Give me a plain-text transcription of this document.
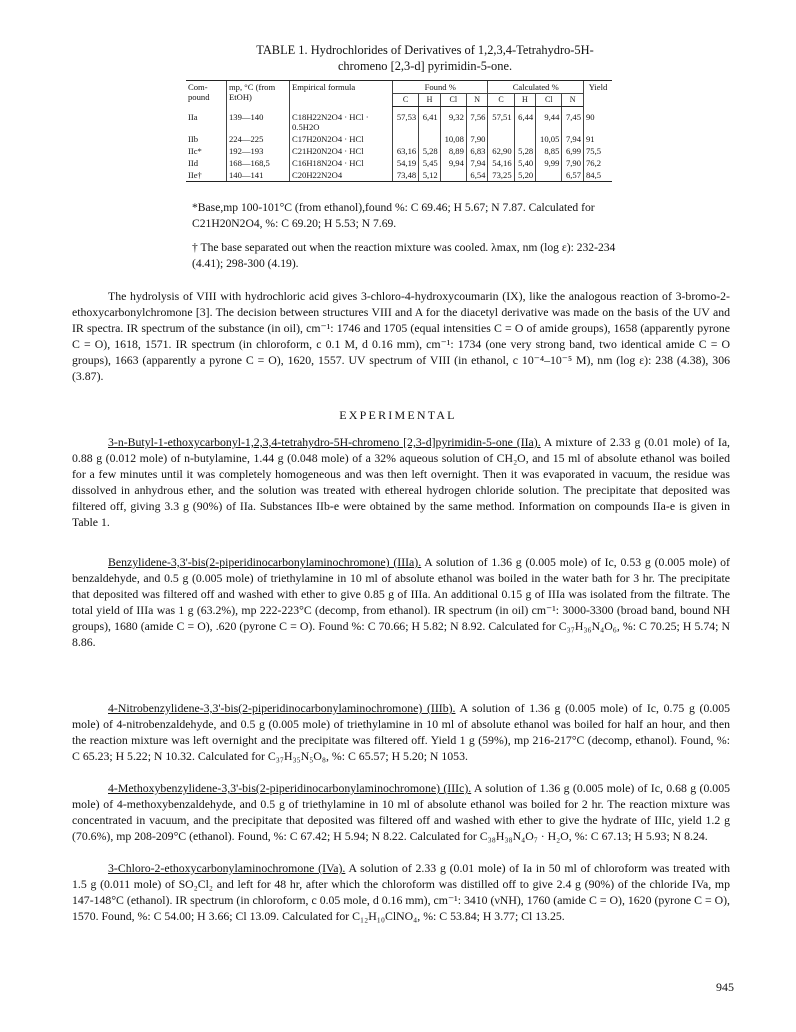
TABLE 1. Hydrochlorides of Derivatives of 1,2,3,4-Tetrahydro-5H-
chromeno [2,3-d] pyrimidin-5-one.
Com-pound	mp, °C (from EtOH)	Empirical formula	Found %				Calculated %				Yield
			C	H	Cl	N	C	H	Cl	N	
IIa	139—140	C18H22N2O4 · HCl · 0.5H2O	57,53	6,41	9,32	7,56	57,51	6,44	9,44	7,45	90
IIb	224—225	C17H20N2O4 · HCl			10,08	7,90			10,05	7,94	91
IIc*	192—193	C21H20N2O4 · HCl	63,16	5,28	8,89	6,83	62,90	5,28	8,85	6,99	75,5
IId	168—168,5	C16H18N2O4 · HCl	54,19	5,45	9,94	7,94	54,16	5,40	9,99	7,90	76,2
IIe†	140—141	C20H22N2O4	73,48	5,12		6,54	73,25	5,20		6,57	84,5
*Base,mp 100-101°C (from ethanol),found %: C 69.46; H 5.67; N 7.87. Calculated for C21H20N2O4, %: C 69.20; H 5.53; N 7.69.
† The base separated out when the reaction mixture was cooled. λmax, nm (log ε): 232-234 (4.41); 298-300 (4.19).
The hydrolysis of VIII with hydrochloric acid gives 3-chloro-4-hydroxycoumarin (IX), like the analogous reaction of 3-bromo-2-ethoxycarbonylchromone [3]. The decision between structures VIII and A for the diacetyl derivative was made on the basis of the UV and IR spectra. IR spectrum of the substance (in oil), cm⁻¹: 1746 and 1705 (equal intensities C = O of amide groups), 1658 (apparently pyrone C = O), 1618, 1571. IR spectrum (in chloroform, c 0.1 M, d 0.16 mm), cm⁻¹: 1734 (one very strong band, two identical amide C = O groups), 1663 (apparently a pyrone C = O), 1620, 1557. UV spectrum of VIII (in ethanol, c 10⁻⁴–10⁻⁵ M), nm (log ε): 238 (4.38), 306 (3.87).
EXPERIMENTAL
3-n-Butyl-1-ethoxycarbonyl-1,2,3,4-tetrahydro-5H-chromeno [2,3-d]pyrimidin-5-one (IIa). A mixture of 2.33 g (0.01 mole) of Ia, 0.88 g (0.012 mole) of n-butylamine, 1.44 g (0.048 mole) of a 32% aqueous solution of CH₂O, and 15 ml of absolute ethanol was boiled for a few minutes until it was completely homogeneous and was then left overnight. Then it was evaporated in vacuum, the residue was dissolved in anhydrous ether, and the solution was treated with ethereal hydrogen chloride solution. The precipitate that deposited was filtered off, giving 3.3 g (90%) of IIa. Substances IIb-e were obtained by the same method. Information on compounds IIa-e is given in Table 1.
Benzylidene-3,3'-bis(2-piperidinocarbonylaminochromone) (IIIa). A solution of 1.36 g (0.005 mole) of Ic, 0.53 g (0.005 mole) of benzaldehyde, and 0.5 g (0.005 mole) of triethylamine in 10 ml of absolute ethanol was boiled in the water bath for 3 hr. The precipitate that deposited was filtered off and washed with ether to give 0.85 g of IIIa. An additional 0.15 g of IIIa was isolated from the filtrate. The total yield of IIIa was 1 g (63.2%), mp 222-223°C (decomp, from ethanol). IR spectrum (in oil) cm⁻¹: 3000-3300 (broad band, bound NH groups), 1680 (amide C = O), .620 (pyrone C = O). Found %: C 70.66; H 5.82; N 8.92. Calculated for C₃₇H₃₆N₄O₆, %: C 70.25; H 5.74; N 8.86.
4-Nitrobenzylidene-3,3'-bis(2-piperidinocarbonylaminochromone) (IIIb). A solution of 1.36 g (0.005 mole) of Ic, 0.75 g (0.005 mole) of 4-nitrobenzaldehyde, and 0.5 g (0.005 mole) of triethylamine in 10 ml of absolute ethanol was boiled for half an hour, and then the reaction mixture was left overnight and the precipitate was filtered off. Yield 1 g (59%), mp 216-217°C (decomp, ethanol). Found, %: C 65.23; H 5.22; N 10.32. Calculated for C₃₇H₃₅N₅O₈, %: C 65.57; H 5.20; N 1053.
4-Methoxybenzylidene-3,3'-bis(2-piperidinocarbonylaminochromone) (IIIc). A solution of 1.36 g (0.005 mole) of Ic, 0.68 g (0.005 mole) of 4-methoxybenzaldehyde, and 0.5 g of triethylamine in 10 ml of absolute ethanol was boiled for 2 hr. The reaction mixture was concentrated in vacuum, and the precipitate that deposited was filtered off and washed with ether to give the hydrate of IIIc, yield 1.2 g (70.6%), mp 208-209°C (ethanol). Found, %: C 67.42; H 5.94; N 8.22. Calculated for C₃₈H₃₈N₄O₇ · H₂O, %: C 67.13; H 5.93; N 8.24.
3-Chloro-2-ethoxycarbonylaminochromone (IVa). A solution of 2.33 g (0.01 mole) of Ia in 50 ml of chloroform was treated with 1.5 g (0.011 mole) of SO₂Cl₂ and left for 48 hr, after which the chloroform was distilled off to give 2.4 g (90%) of the chloride IVa, mp 147-148°C (ethanol). IR spectrum (in chloroform, c 0.05 mole, d 0.16 mm), cm⁻¹: 3410 (νNH), 1760 (amide C = O), 1620 (pyrone C = O), 1570. Found, %: C 54.00; H 3.66; Cl 13.09. Calculated for C₁₂H₁₀ClNO₄, %: C 53.84; H 3.77; Cl 13.25.
945
